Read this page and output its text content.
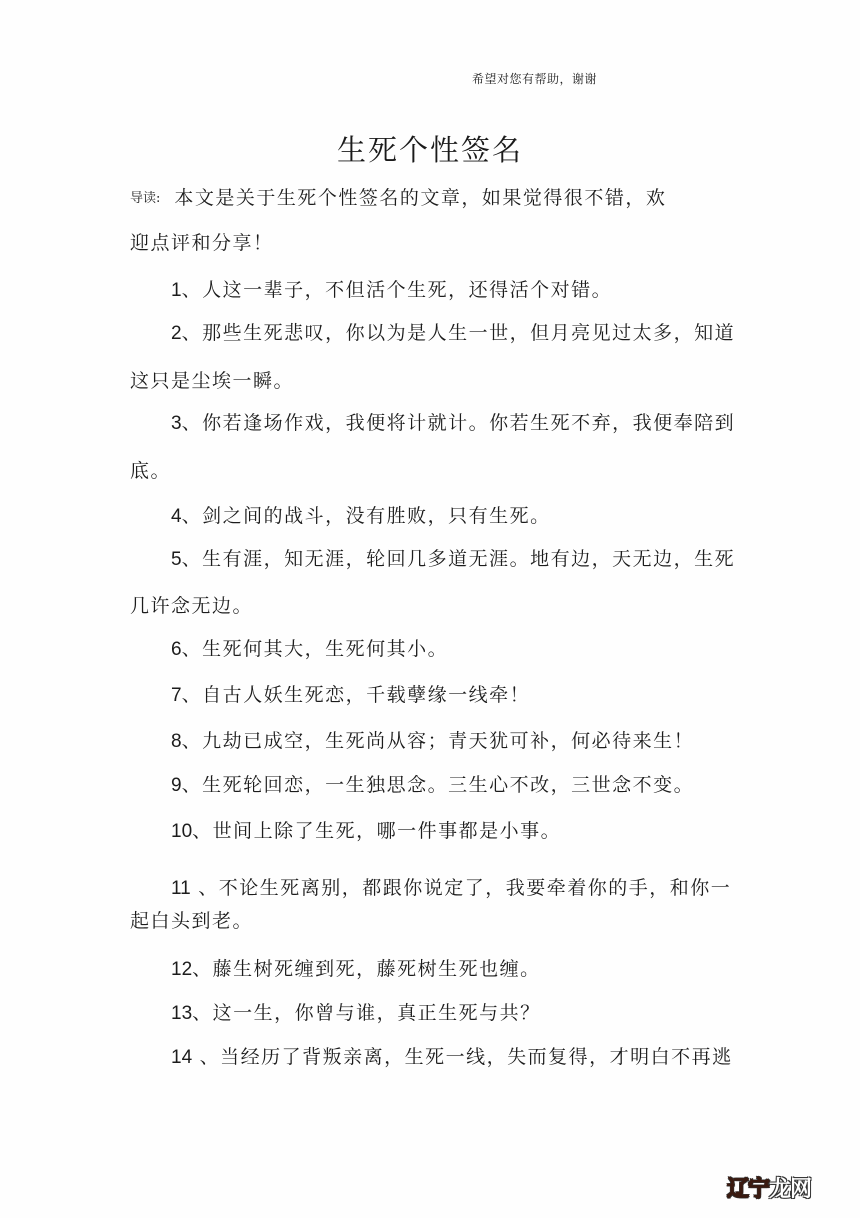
希望对您有帮助，谢谢
生死个性签名
导读: 本文是关于生死个性签名的文章，如果觉得很不错，欢
迎点评和分享！
1、人这一辈子，不但活个生死，还得活个对错。
2、那些生死悲叹，你以为是人生一世，但月亮见过太多，知道
这只是尘埃一瞬。
3、你若逢场作戏，我便将计就计。你若生死不弃，我便奉陪到
底。
4、剑之间的战斗，没有胜败，只有生死。
5、生有涯，知无涯，轮回几多道无涯。地有边，天无边，生死
几许念无边。
6、生死何其大，生死何其小。
7、自古人妖生死恋，千载孽缘一线牵！
8、九劫已成空，生死尚从容；青天犹可补，何必待来生！
9、生死轮回恋，一生独思念。三生心不改，三世念不变。
10、世间上除了生死，哪一件事都是小事。
11 、不论生死离别，都跟你说定了，我要牵着你的手，和你一
起白头到老。
12、藤生树死缠到死，藤死树生死也缠。
13、这一生，你曾与谁，真正生死与共？
14 、当经历了背叛亲离，生死一线，失而复得，才明白不再逃
辽宁龙网
